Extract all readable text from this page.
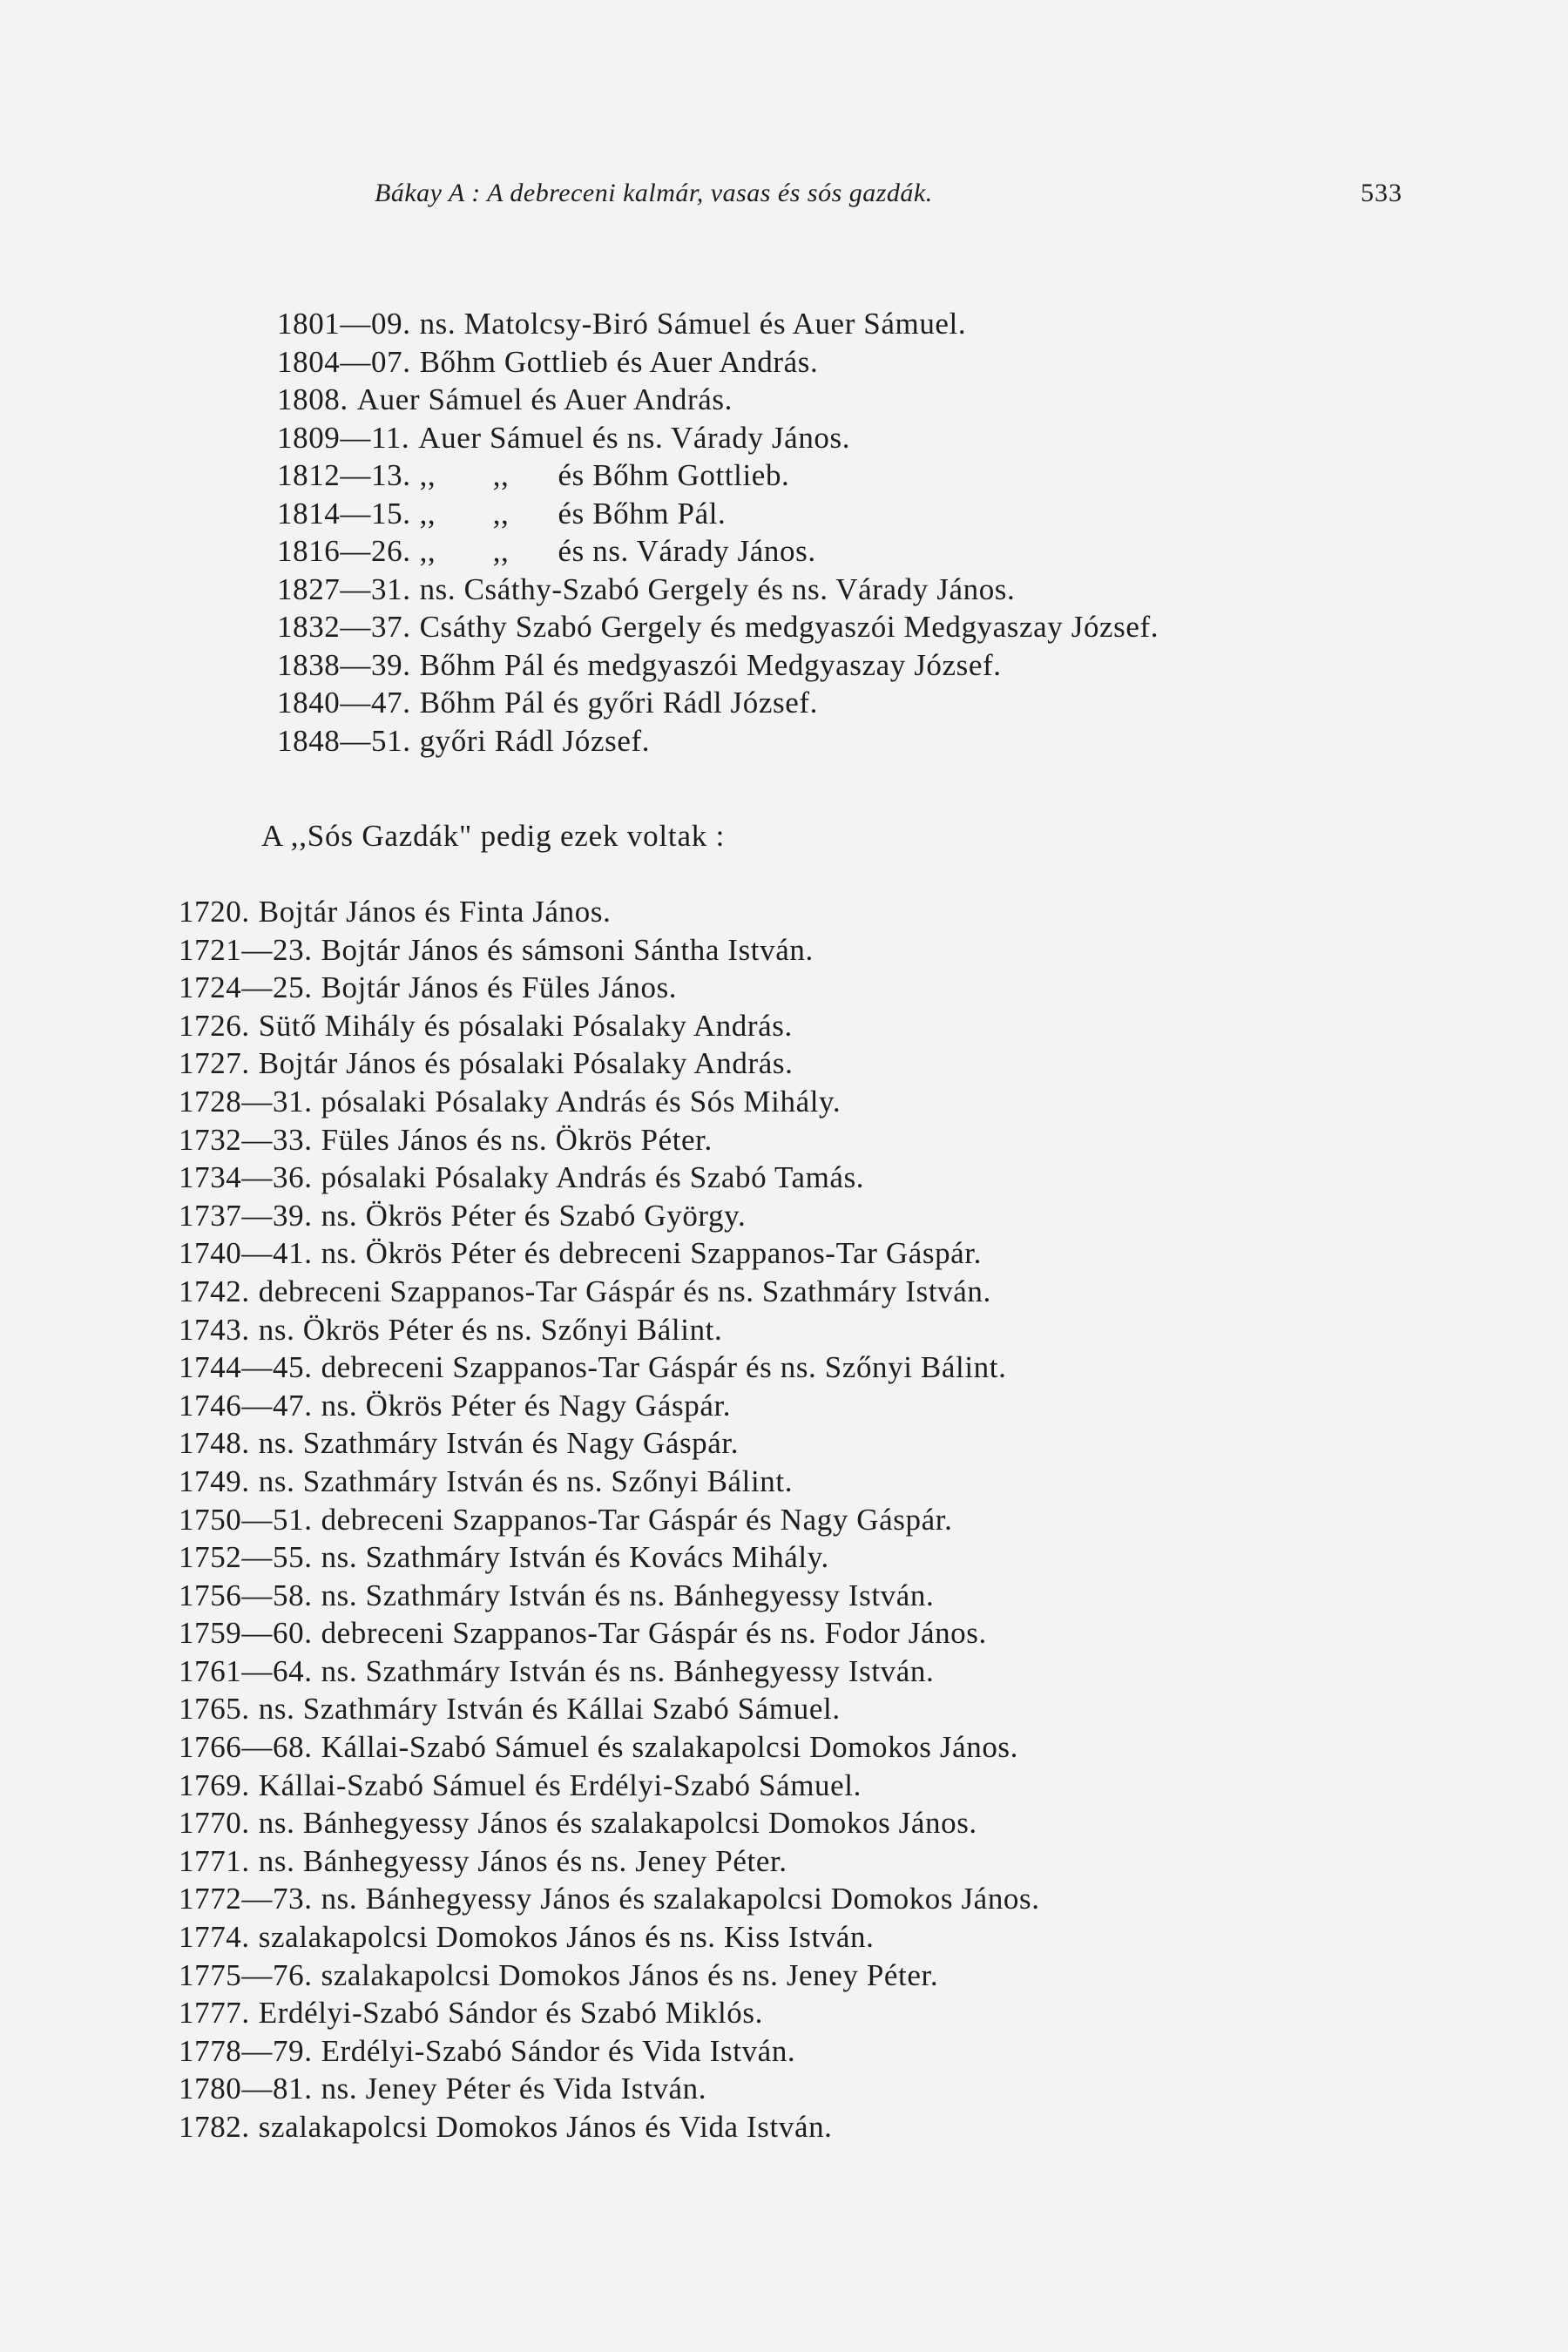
Bákay A : A debreceni kalmár, vasas és sós gazdák.	533
1801—09. ns. Matolcsy-Biró Sámuel és Auer Sámuel.
1804—07. Bőhm Gottlieb és Auer András.
1808. Auer Sámuel és Auer András.
1809—11. Auer Sámuel és ns. Várady János.
1812—13. ,,       ,,      és Bőhm Gottlieb.
1814—15. ,,       ,,      és Bőhm Pál.
1816—26. ,,       ,,      és ns. Várady János.
1827—31. ns. Csáthy-Szabó Gergely és ns. Várady János.
1832—37. Csáthy Szabó Gergely és medgyaszói Medgyaszay József.
1838—39. Bőhm Pál és medgyaszói Medgyaszay József.
1840—47. Bőhm Pál és győri Rádl József.
1848—51. győri Rádl József.
A ,,Sós Gazdák" pedig ezek voltak :
1720. Bojtár János és Finta János.
1721—23. Bojtár János és sámsoni Sántha István.
1724—25. Bojtár János és Füles János.
1726. Sütő Mihály és pósalaki Pósalaky András.
1727. Bojtár János és pósalaki Pósalaky András.
1728—31. pósalaki Pósalaky András és Sós Mihály.
1732—33. Füles János és ns. Ökrös Péter.
1734—36. pósalaki Pósalaky András és Szabó Tamás.
1737—39. ns. Ökrös Péter és Szabó György.
1740—41. ns. Ökrös Péter és debreceni Szappanos-Tar Gáspár.
1742. debreceni Szappanos-Tar Gáspár és ns. Szathmáry István.
1743. ns. Ökrös Péter és ns. Szőnyi Bálint.
1744—45. debreceni Szappanos-Tar Gáspár és ns. Szőnyi Bálint.
1746—47. ns. Ökrös Péter és Nagy Gáspár.
1748. ns. Szathmáry István és Nagy Gáspár.
1749. ns. Szathmáry István és ns. Szőnyi Bálint.
1750—51. debreceni Szappanos-Tar Gáspár és Nagy Gáspár.
1752—55. ns. Szathmáry István és Kovács Mihály.
1756—58. ns. Szathmáry István és ns. Bánhegyessy István.
1759—60. debreceni Szappanos-Tar Gáspár és ns. Fodor János.
1761—64. ns. Szathmáry István és ns. Bánhegyessy István.
1765. ns. Szathmáry István és Kállai Szabó Sámuel.
1766—68. Kállai-Szabó Sámuel és szalakapolcsi Domokos János.
1769. Kállai-Szabó Sámuel és Erdélyi-Szabó Sámuel.
1770. ns. Bánhegyessy János és szalakapolcsi Domokos János.
1771. ns. Bánhegyessy János és ns. Jeney Péter.
1772—73. ns. Bánhegyessy János és szalakapolcsi Domokos János.
1774. szalakapolcsi Domokos János és ns. Kiss István.
1775—76. szalakapolcsi Domokos János és ns. Jeney Péter.
1777. Erdélyi-Szabó Sándor és Szabó Miklós.
1778—79. Erdélyi-Szabó Sándor és Vida István.
1780—81. ns. Jeney Péter és Vida István.
1782. szalakapolcsi Domokos János és Vida István.
